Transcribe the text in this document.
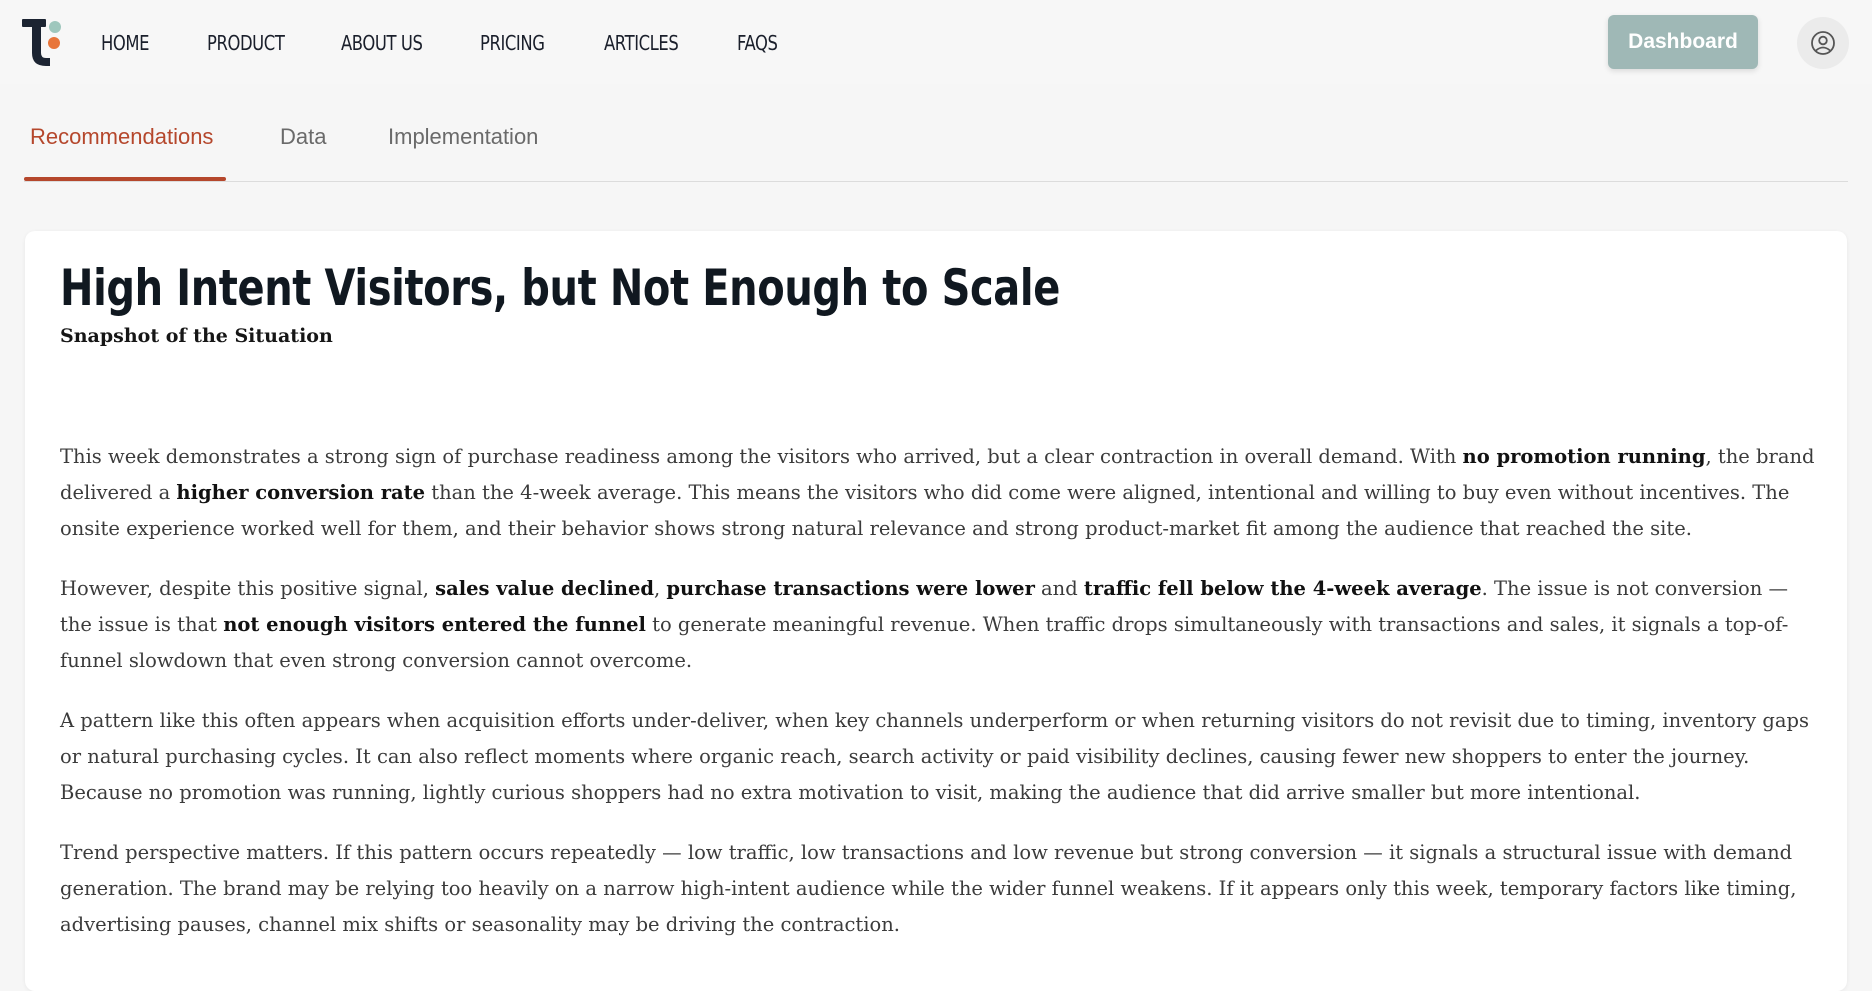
HOME	PRODUCT	ABOUT US	PRICING	ARTICLES	FAQS	Dashboard
Recommendations	Data	Implementation
High Intent Visitors, but Not Enough to Scale
Snapshot of the Situation

This week demonstrates a strong sign of purchase readiness among the visitors who arrived, but a clear contraction in overall demand. With no promotion running, the brand delivered a higher conversion rate than the 4-week average. This means the visitors who did come were aligned, intentional and willing to buy even without incentives. The onsite experience worked well for them, and their behavior shows strong natural relevance and strong product-market fit among the audience that reached the site.

However, despite this positive signal, sales value declined, purchase transactions were lower and traffic fell below the 4-week average. The issue is not conversion — the issue is that not enough visitors entered the funnel to generate meaningful revenue. When traffic drops simultaneously with transactions and sales, it signals a top-of-funnel slowdown that even strong conversion cannot overcome.

A pattern like this often appears when acquisition efforts under-deliver, when key channels underperform or when returning visitors do not revisit due to timing, inventory gaps or natural purchasing cycles. It can also reflect moments where organic reach, search activity or paid visibility declines, causing fewer new shoppers to enter the journey. Because no promotion was running, lightly curious shoppers had no extra motivation to visit, making the audience that did arrive smaller but more intentional.

Trend perspective matters. If this pattern occurs repeatedly — low traffic, low transactions and low revenue but strong conversion — it signals a structural issue with demand generation. The brand may be relying too heavily on a narrow high-intent audience while the wider funnel weakens. If it appears only this week, temporary factors like timing, advertising pauses, channel mix shifts or seasonality may be driving the contraction.
